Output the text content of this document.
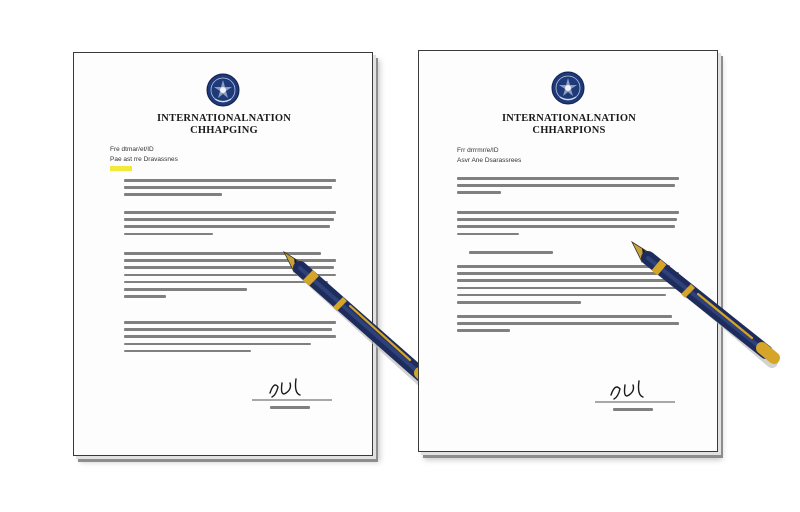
INTERNATIONALNATION
CHHAPGING
Fre dtmar/et/ID
Pae ast rre Dravassnes
INTERNATIONALNATION
CHHARPIONS
Frr drrrmr/e/ID
Asvr Ane Dsarassrees
